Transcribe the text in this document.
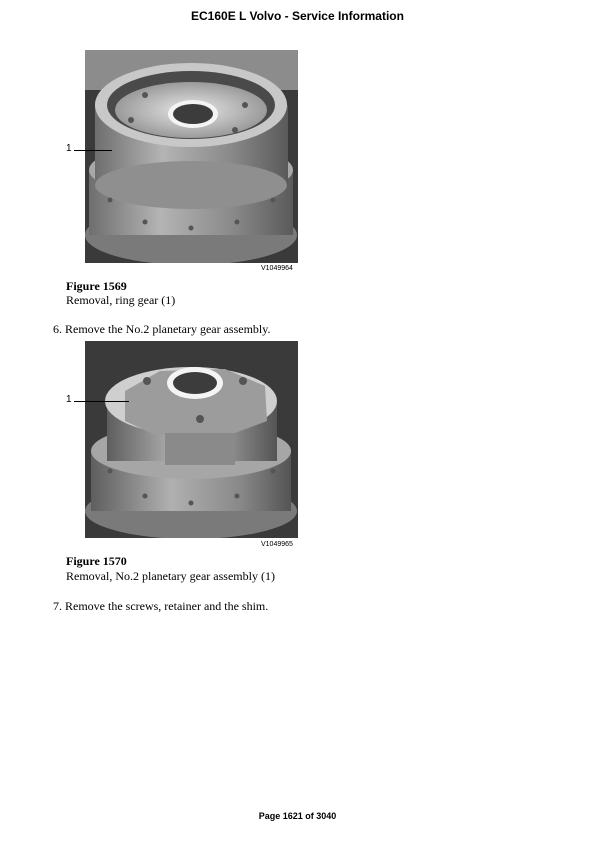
EC160E L Volvo - Service Information
1
V1049964
Figure 1569
Removal, ring gear (1)
6. Remove the No.2 planetary gear assembly.
1
V1049965
Figure 1570
Removal, No.2 planetary gear assembly (1)
7. Remove the screws, retainer and the shim.
Page 1621 of 3040
